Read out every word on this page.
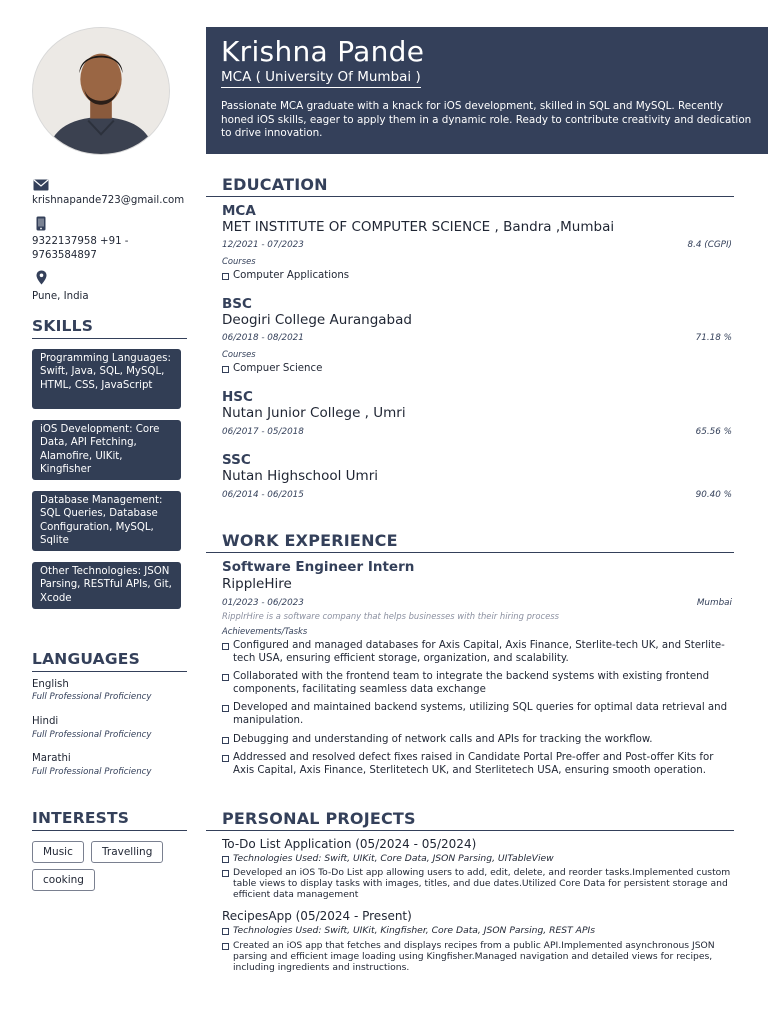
krishnapande723@gmail.com
9322137958 +91 - 9763584897
Pune, India
SKILLS
Programming Languages: Swift, Java, SQL, MySQL, HTML, CSS, JavaScript
iOS Development: Core Data, API Fetching, Alamofire, UIKit, Kingfisher
Database Management: SQL Queries, Database Configuration, MySQL, Sqlite
Other Technologies: JSON Parsing, RESTful APIs, Git, Xcode
LANGUAGES
English
Full Professional Proficiency
Hindi
Full Professional Proficiency
Marathi
Full Professional Proficiency
INTERESTS
Music	Travelling
cooking
Krishna Pande
MCA ( University Of Mumbai )
Passionate MCA graduate with a knack for iOS development, skilled in SQL and MySQL. Recently honed iOS skills, eager to apply them in a dynamic role. Ready to contribute creativity and dedication to drive innovation.
EDUCATION
MCA
MET INSTITUTE OF COMPUTER SCIENCE , Bandra ,Mumbai
12/2021 - 07/2023	8.4 (CGPI)
Courses
Computer Applications
BSC
Deogiri College Aurangabad
06/2018 - 08/2021	71.18 %
Courses
Compuer Science
HSC
Nutan Junior College , Umri
06/2017 - 05/2018	65.56 %
SSC
Nutan Highschool Umri
06/2014 - 06/2015	90.40 %
WORK EXPERIENCE
Software Engineer Intern
RippleHire
01/2023 - 06/2023	Mumbai
RipplrHire is a software company that helps businesses with their hiring process
Achievements/Tasks
Configured and managed databases for Axis Capital, Axis Finance, Sterlite-tech UK, and Sterlite-tech USA, ensuring efficient storage, organization, and scalability.
Collaborated with the frontend team to integrate the backend systems with existing frontend components, facilitating seamless data exchange
Developed and maintained backend systems, utilizing SQL queries for optimal data retrieval and manipulation.
Debugging and understanding of network calls and APIs for tracking the workflow.
Addressed and resolved defect fixes raised in Candidate Portal Pre-offer and Post-offer Kits for Axis Capital, Axis Finance, Sterlitetech UK, and Sterlitetech USA, ensuring smooth operation.
PERSONAL PROJECTS
To-Do List Application (05/2024 - 05/2024)
Technologies Used: Swift, UIKit, Core Data, JSON Parsing, UITableView
Developed an iOS To-Do List app allowing users to add, edit, delete, and reorder tasks.Implemented custom table views to display tasks with images, titles, and due dates.Utilized Core Data for persistent storage and efficient data management
RecipesApp (05/2024 - Present)
Technologies Used: Swift, UIKit, Kingfisher, Core Data, JSON Parsing, REST APIs
Created an iOS app that fetches and displays recipes from a public API.Implemented asynchronous JSON parsing and efficient image loading using Kingfisher.Managed navigation and detailed views for recipes, including ingredients and instructions.
